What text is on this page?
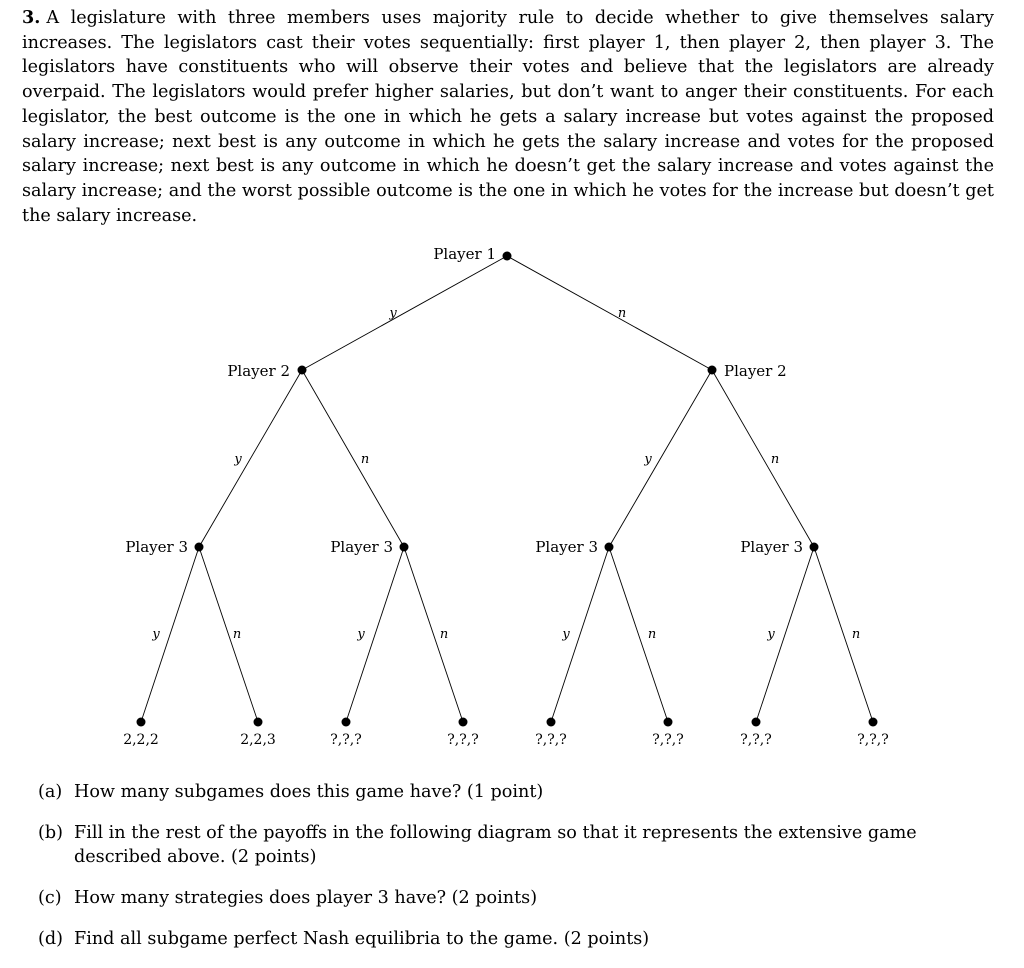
3. A legislature with three members uses majority rule to decide whether to give themselves salary increases. The legislators cast their votes sequentially: first player 1, then player 2, then player 3. The legislators have constituents who will observe their votes and believe that the legislators are already overpaid. The legislators would prefer higher salaries, but don’t want to anger their constituents. For each legislator, the best outcome is the one in which he gets a salary increase but votes against the proposed salary increase; next best is any outcome in which he gets the salary increase and votes for the proposed salary increase; next best is any outcome in which he doesn’t get the salary increase and votes against the salary increase; and the worst possible outcome is the one in which he votes for the increase but doesn’t get the salary increase.
Player 1
Player 2	Player 2
Player 3	Player 3	Player 3	Player 3
y	n
y	n	y	n
y	n	y	n	y	n	y	n
2,2,2	2,2,3	?,?,?	?,?,?	?,?,?	?,?,?	?,?,?	?,?,?
(a) How many subgames does this game have? (1 point)
(b) Fill in the rest of the payoffs in the following diagram so that it represents the extensive game described above. (2 points)
(c) How many strategies does player 3 have? (2 points)
(d) Find all subgame perfect Nash equilibria to the game. (2 points)
